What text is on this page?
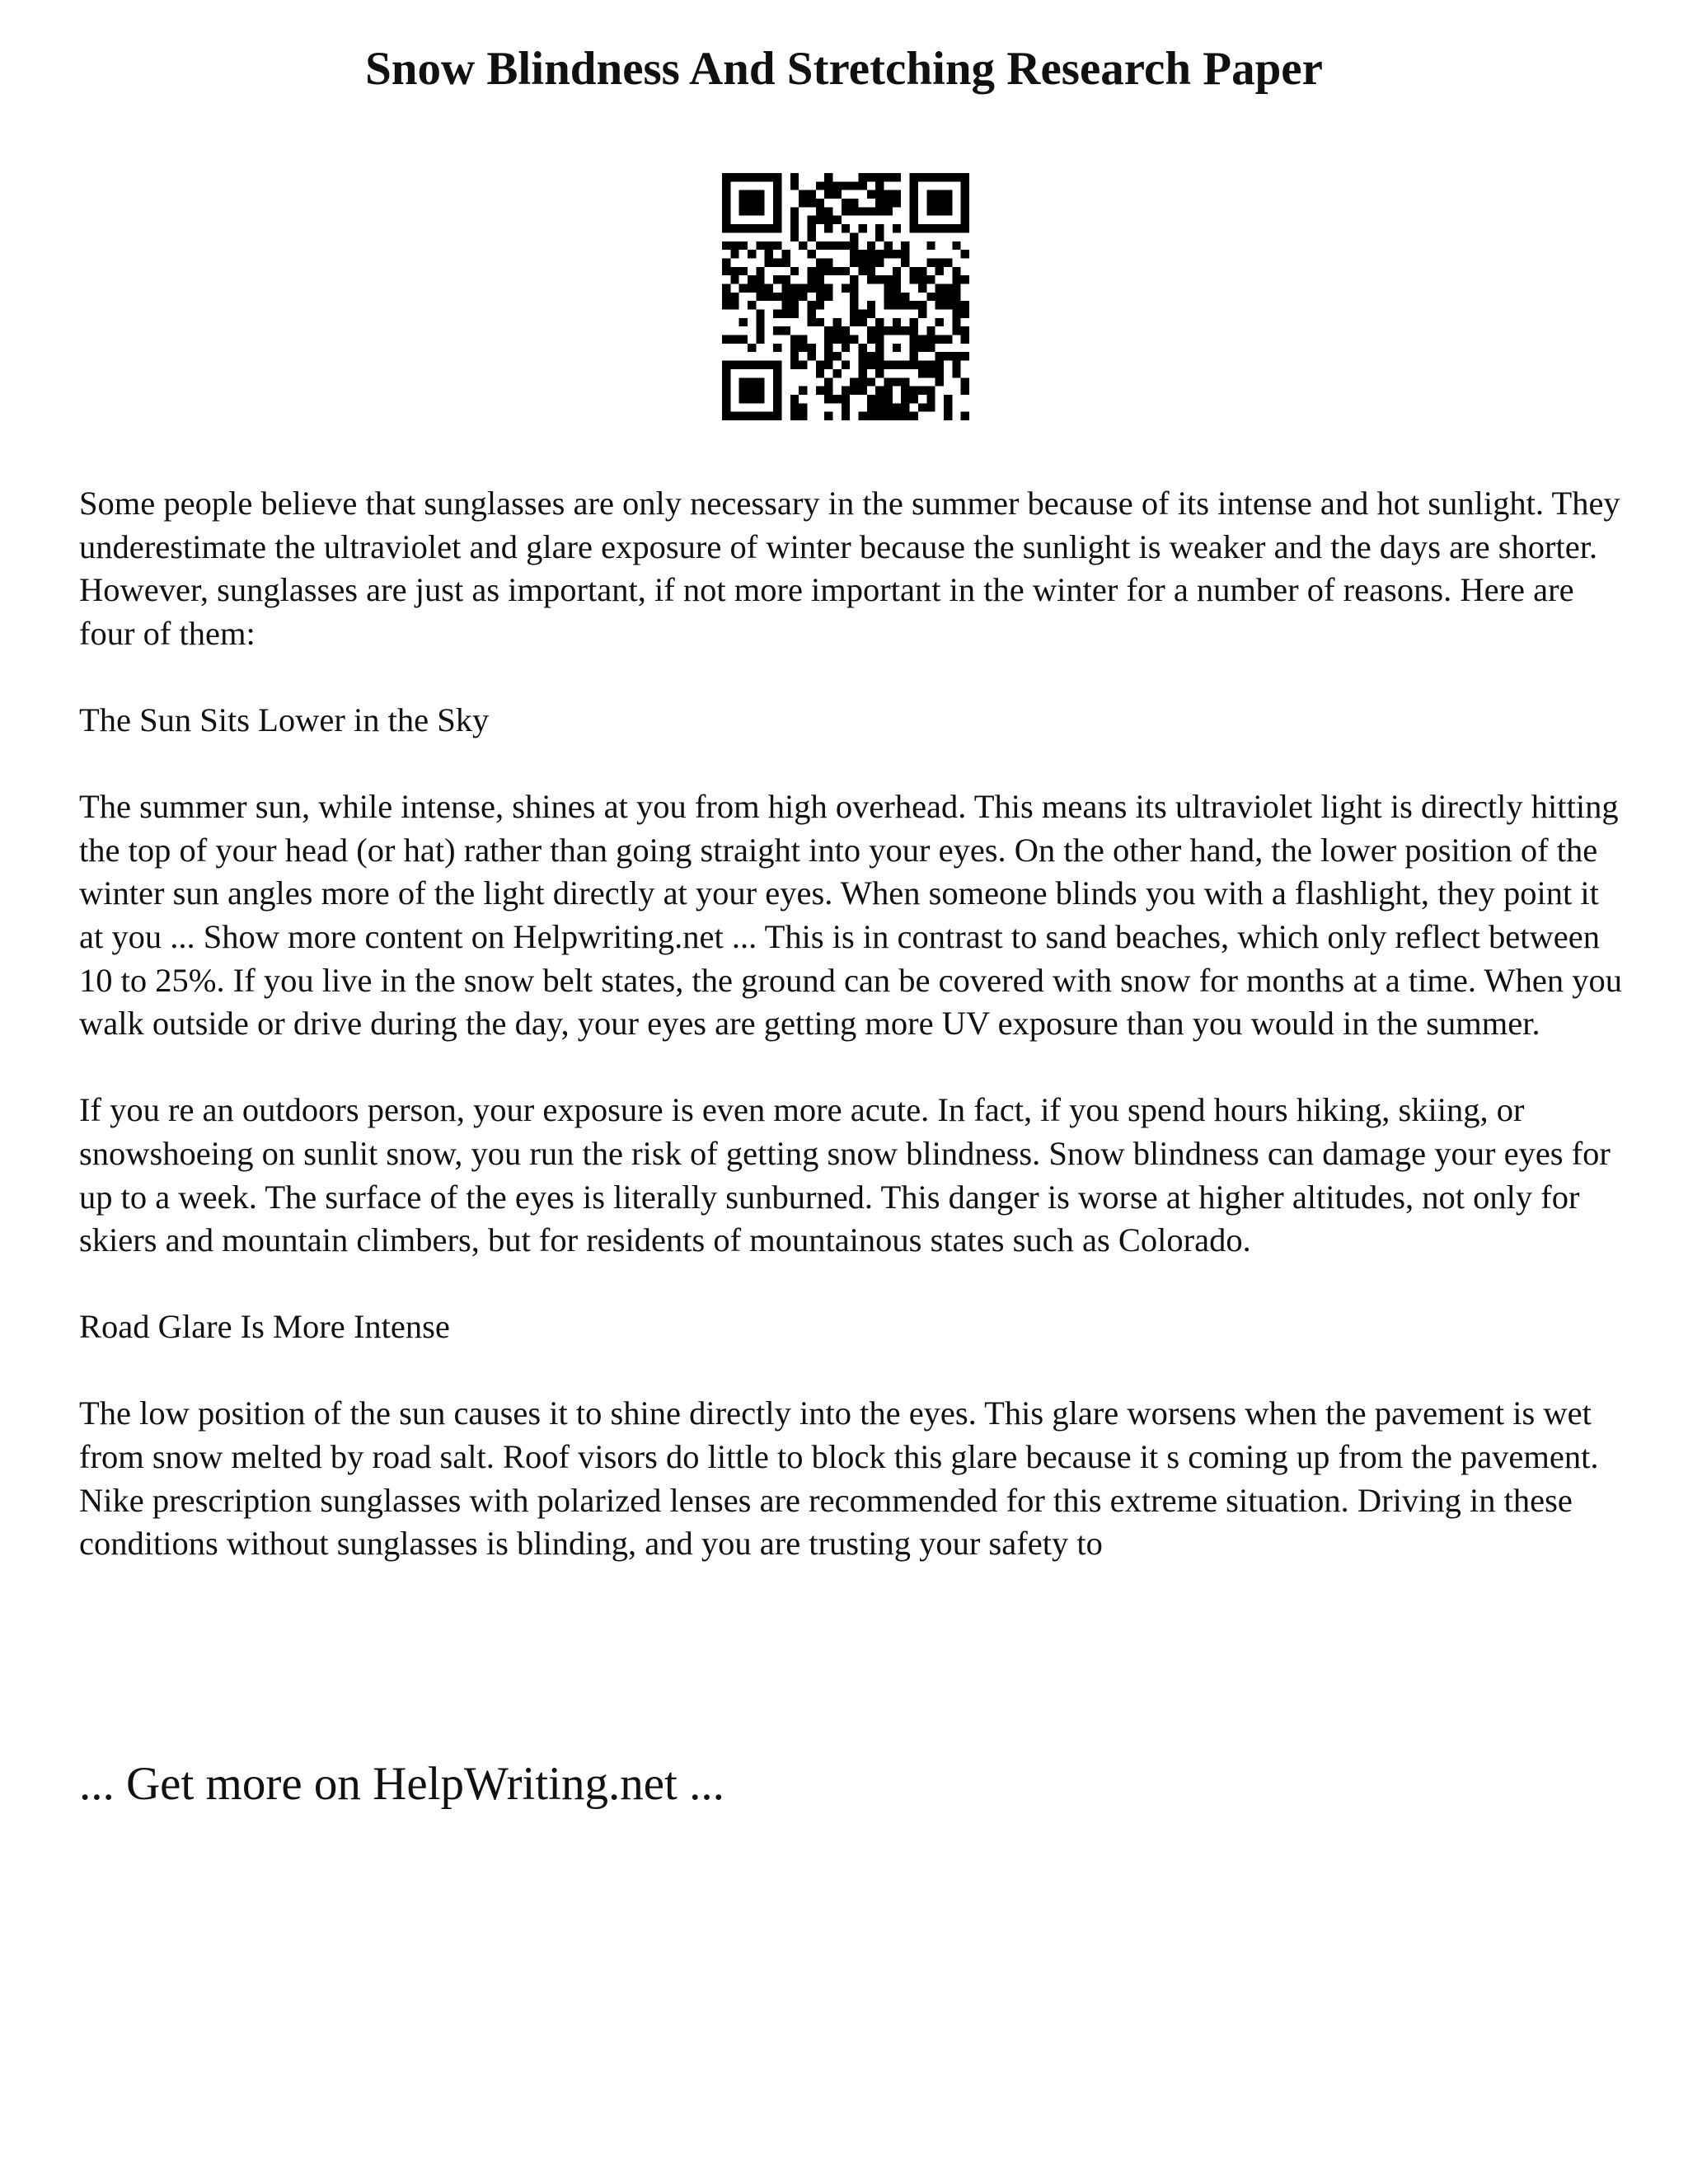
Snow Blindness And Stretching Research Paper

Some people believe that sunglasses are only necessary in the summer because of its intense and hot sunlight. They underestimate the ultraviolet and glare exposure of winter because the sunlight is weaker and the days are shorter. However, sunglasses are just as important, if not more important in the winter for a number of reasons. Here are four of them:

The Sun Sits Lower in the Sky

The summer sun, while intense, shines at you from high overhead. This means its ultraviolet light is directly hitting the top of your head (or hat) rather than going straight into your eyes. On the other hand, the lower position of the winter sun angles more of the light directly at your eyes. When someone blinds you with a flashlight, they point it at you ... Show more content on Helpwriting.net ... This is in contrast to sand beaches, which only reflect between 10 to 25%. If you live in the snow belt states, the ground can be covered with snow for months at a time. When you walk outside or drive during the day, your eyes are getting more UV exposure than you would in the summer.

If you re an outdoors person, your exposure is even more acute. In fact, if you spend hours hiking, skiing, or snowshoeing on sunlit snow, you run the risk of getting snow blindness. Snow blindness can damage your eyes for up to a week. The surface of the eyes is literally sunburned. This danger is worse at higher altitudes, not only for skiers and mountain climbers, but for residents of mountainous states such as Colorado.

Road Glare Is More Intense

The low position of the sun causes it to shine directly into the eyes. This glare worsens when the pavement is wet from snow melted by road salt. Roof visors do little to block this glare because it s coming up from the pavement. Nike prescription sunglasses with polarized lenses are recommended for this extreme situation. Driving in these conditions without sunglasses is blinding, and you are trusting your safety to

... Get more on HelpWriting.net ...
